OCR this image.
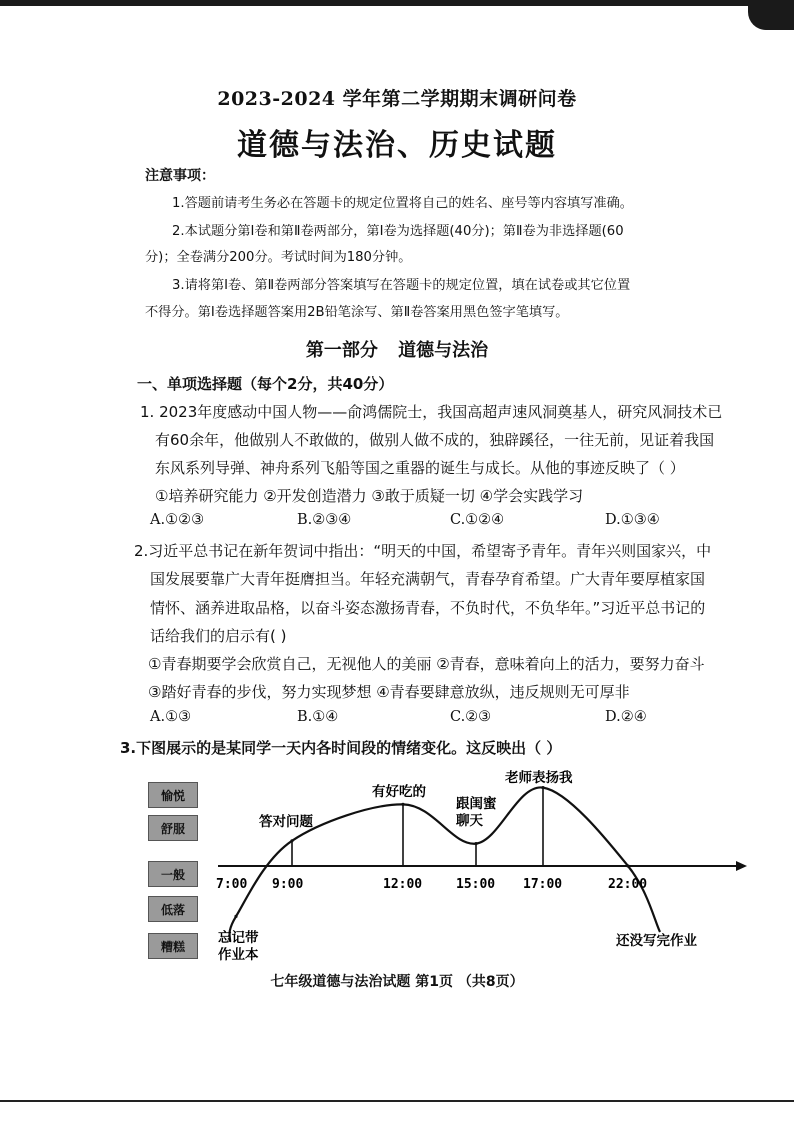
2023-2024 学年第二学期期末调研问卷
道德与法治、历史试题
注意事项：
1.答题前请考生务必在答题卡的规定位置将自己的姓名、座号等内容填写准确。
2.本试题分第Ⅰ卷和第Ⅱ卷两部分，第Ⅰ卷为选择题(40分)；第Ⅱ卷为非选择题(60
分)；全卷满分200分。考试时间为180分钟。
3.请将第Ⅰ卷、第Ⅱ卷两部分答案填写在答题卡的规定位置，填在试卷或其它位置
不得分。第Ⅰ卷选择题答案用2B铅笔涂写、第Ⅱ卷答案用黑色签字笔填写。
第一部分 道德与法治
一、单项选择题（每个2分，共40分）
1. 2023年度感动中国人物——俞鸿儒院士，我国高超声速风洞奠基人，研究风洞技术已
有60余年，他做别人不敢做的，做别人做不成的，独辟蹊径，一往无前，见证着我国
东风系列导弹、神舟系列飞船等国之重器的诞生与成长。从他的事迹反映了（ ）
①培养研究能力 ②开发创造潜力 ③敢于质疑一切 ④学会实践学习
A.①②③	B.②③④	C.①②④	D.①③④
2.习近平总书记在新年贺词中指出：“明天的中国，希望寄予青年。青年兴则国家兴，中
国发展要靠广大青年挺膺担当。年轻充满朝气，青春孕育希望。广大青年要厚植家国
情怀、涵养进取品格，以奋斗姿态激扬青春，不负时代，不负华年。”习近平总书记的
话给我们的启示有( )
①青春期要学会欣赏自己，无视他人的美丽 ②青春，意味着向上的活力，要努力奋斗
③踏好青春的步伐，努力实现梦想 ④青春要肆意放纵，违反规则无可厚非
A.①③	B.①④	C.②③	D.②④
3.下图展示的是某同学一天内各时间段的情绪变化。这反映出（ ）
愉悦
舒服
一般
低落
糟糕
7:00
忘记带作业本
9:00
答对问题
12:00
有好吃的
15:00
跟闺蜜聊天
17:00
老师表扬我
22:00
还没写完作业
七年级道德与法治试题 第1页 （共8页）
